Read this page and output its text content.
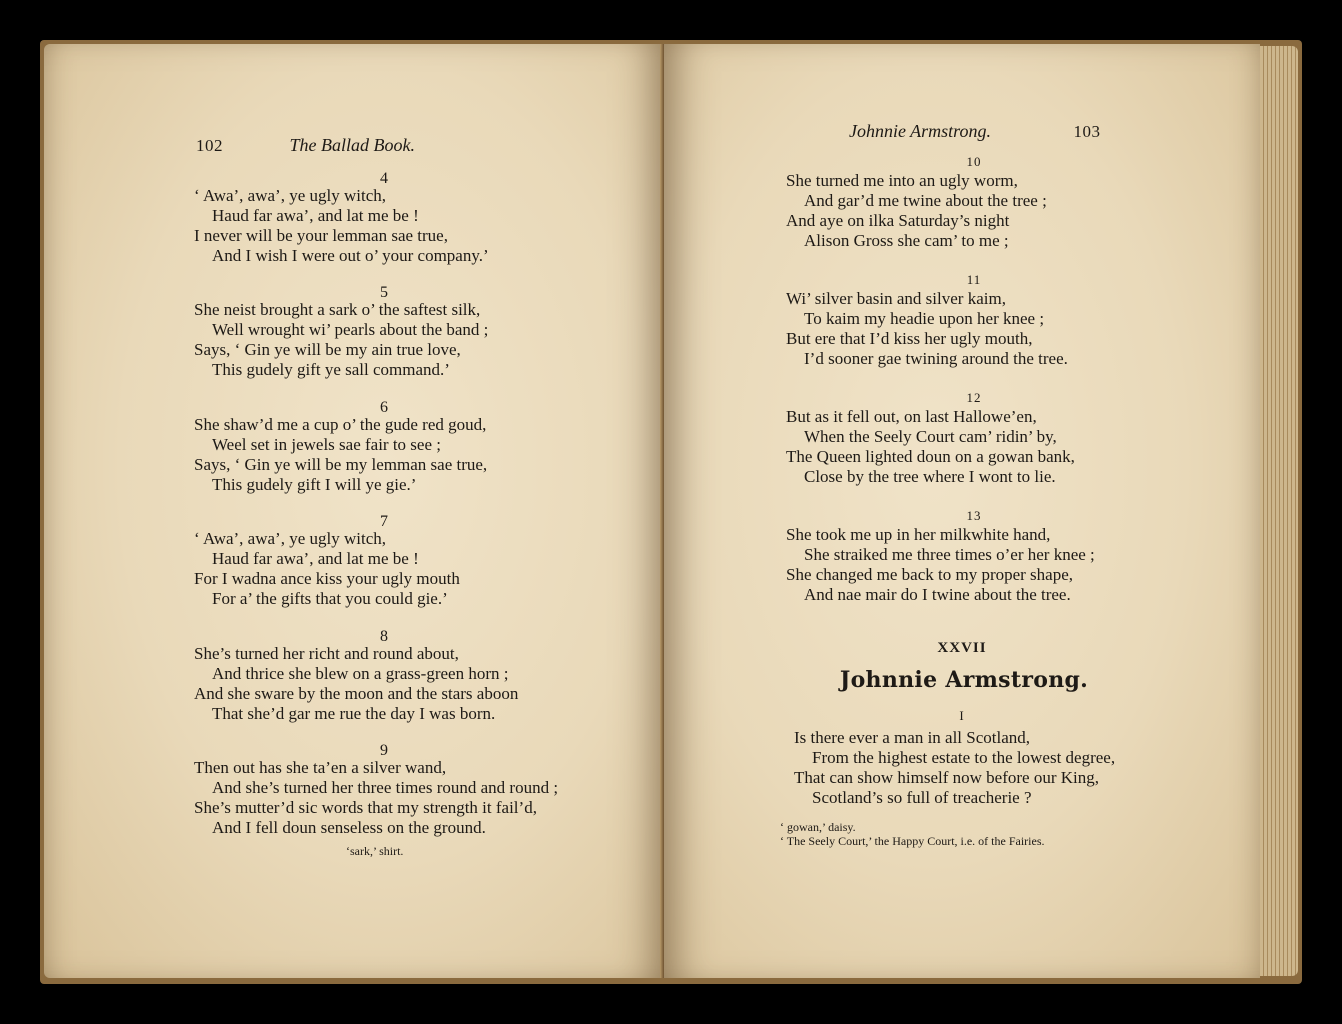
102	The Ballad Book.
4
‘ Awa’, awa’, ye ugly witch,
Haud far awa’, and lat me be !
I never will be your lemman sae true,
And I wish I were out o’ your company.’
5
She neist brought a sark o’ the saftest silk,
Well wrought wi’ pearls about the band ;
Says, ‘ Gin ye will be my ain true love,
This gudely gift ye sall command.’
6
She shaw’d me a cup o’ the gude red goud,
Weel set in jewels sae fair to see ;
Says, ‘ Gin ye will be my lemman sae true,
This gudely gift I will ye gie.’
7
‘ Awa’, awa’, ye ugly witch,
Haud far awa’, and lat me be !
For I wadna ance kiss your ugly mouth
For a’ the gifts that you could gie.’
8
She’s turned her richt and round about,
And thrice she blew on a grass-green horn ;
And she sware by the moon and the stars aboon
That she’d gar me rue the day I was born.
9
Then out has she ta’en a silver wand,
And she’s turned her three times round and round ;
She’s mutter’d sic words that my strength it fail’d,
And I fell doun senseless on the ground.
‘sark,’ shirt.
Johnnie Armstrong.	103
10
She turned me into an ugly worm,
And gar’d me twine about the tree ;
And aye on ilka Saturday’s night
Alison Gross she cam’ to me ;
11
Wi’ silver basin and silver kaim,
To kaim my headie upon her knee ;
But ere that I’d kiss her ugly mouth,
I’d sooner gae twining around the tree.
12
But as it fell out, on last Hallowe’en,
When the Seely Court cam’ ridin’ by,
The Queen lighted doun on a gowan bank,
Close by the tree where I wont to lie.
13
She took me up in her milkwhite hand,
She straiked me three times o’er her knee ;
She changed me back to my proper shape,
And nae mair do I twine about the tree.
XXVII
Johnnie Armstrong.
I
Is there ever a man in all Scotland,
From the highest estate to the lowest degree,
That can show himself now before our King,
Scotland’s so full of treacherie ?
‘ gowan,’ daisy.
‘ The Seely Court,’ the Happy Court, i.e. of the Fairies.
